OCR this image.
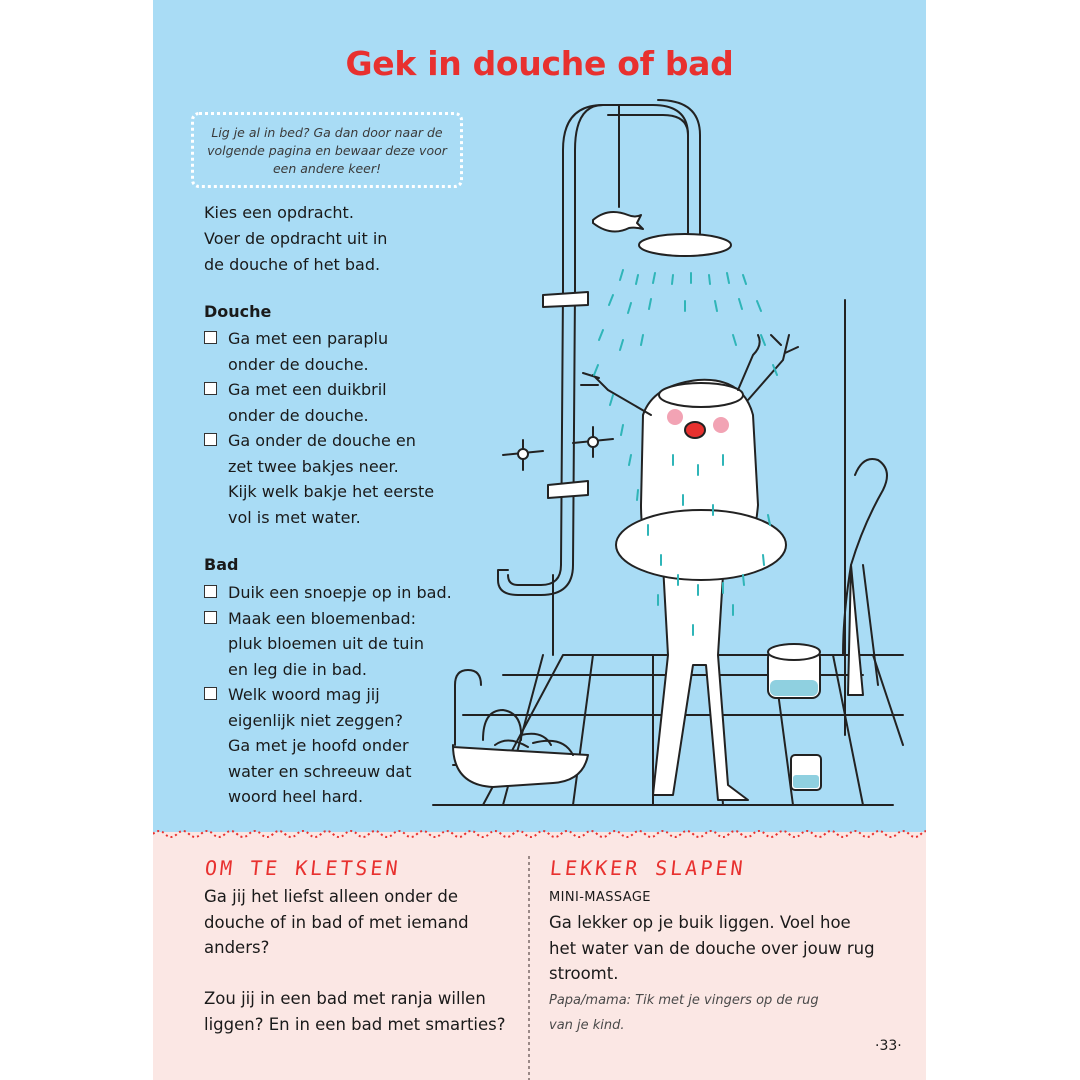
Gek in douche of bad
Lig je al in bed? Ga dan door naar de volgende pagina en bewaar deze voor een andere keer!
Kies een opdracht.
Voer de opdracht uit in
de douche of het bad.
Douche
Ga met een paraplu
onder de douche.
Ga met een duikbril
onder de douche.
Ga onder de douche en
zet twee bakjes neer.
Kijk welk bakje het eerste
vol is met water.
Bad
Duik een snoepje op in bad.
Maak een bloemenbad:
pluk bloemen uit de tuin
en leg die in bad.
Welk woord mag jij
eigenlijk niet zeggen?
Ga met je hoofd onder
water en schreeuw dat
woord heel hard.
OM TE KLETSEN
Ga jij het liefst alleen onder de
douche of in bad of met iemand
anders?
Zou jij in een bad met ranja willen
liggen? En in een bad met smarties?
LEKKER SLAPEN
MINI-MASSAGE
Ga lekker op je buik liggen. Voel hoe
het water van de douche over jouw rug
stroomt.
Papa/mama: Tik met je vingers op de rug
van je kind.
·33·
